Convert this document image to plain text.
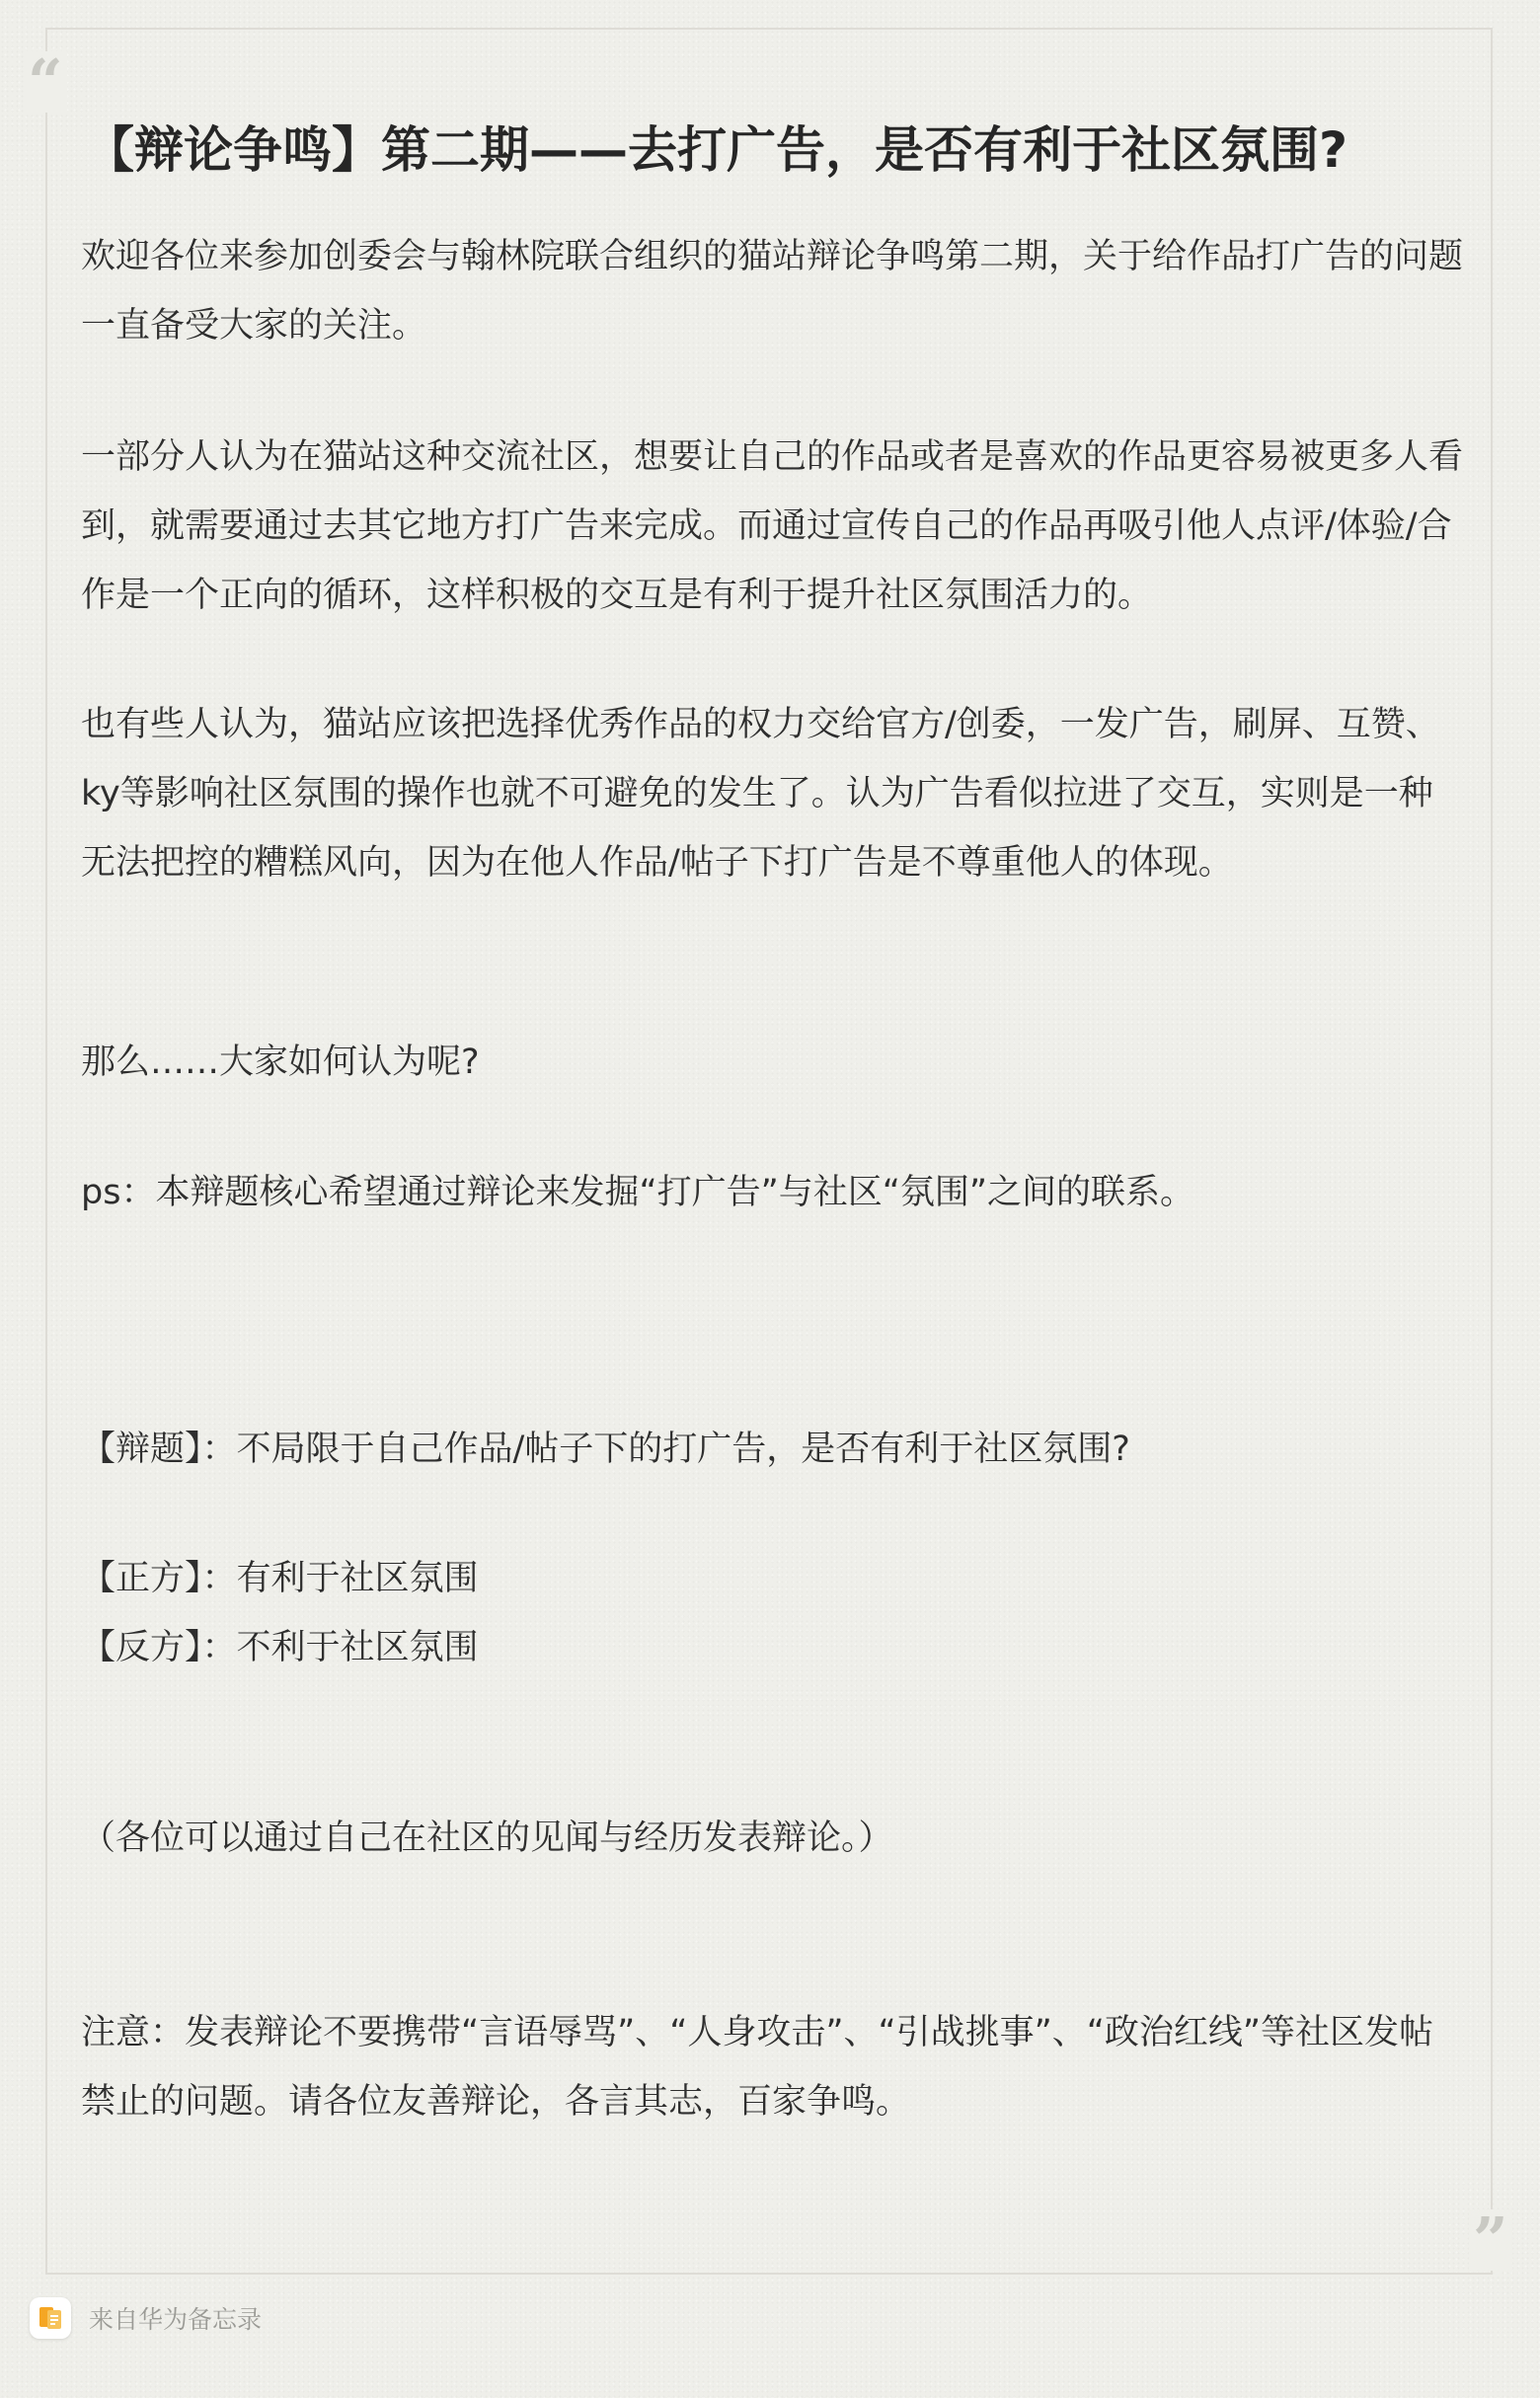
“
【辩论争鸣】第二期——去打广告，是否有利于社区氛围?

欢迎各位来参加创委会与翰林院联合组织的猫站辩论争鸣第二期，关于给作品打广告的问题一直备受大家的关注。

一部分人认为在猫站这种交流社区，想要让自己的作品或者是喜欢的作品更容易被更多人看到，就需要通过去其它地方打广告来完成。而通过宣传自己的作品再吸引他人点评/体验/合作是一个正向的循环，这样积极的交互是有利于提升社区氛围活力的。

也有些人认为，猫站应该把选择优秀作品的权力交给官方/创委，一发广告，刷屏、互赞、ky等影响社区氛围的操作也就不可避免的发生了。认为广告看似拉进了交互，实则是一种无法把控的糟糕风向，因为在他人作品/帖子下打广告是不尊重他人的体现。

那么……大家如何认为呢?

ps：本辩题核心希望通过辩论来发掘“打广告”与社区“氛围”之间的联系。

【辩题】：不局限于自己作品/帖子下的打广告，是否有利于社区氛围?

【正方】：有利于社区氛围

【反方】：不利于社区氛围

（各位可以通过自己在社区的见闻与经历发表辩论。）

注意：发表辩论不要携带“言语辱骂”、“人身攻击”、“引战挑事”、“政治红线”等社区发帖禁止的问题。请各位友善辩论，各言其志，百家争鸣。

”
来自华为备忘录
